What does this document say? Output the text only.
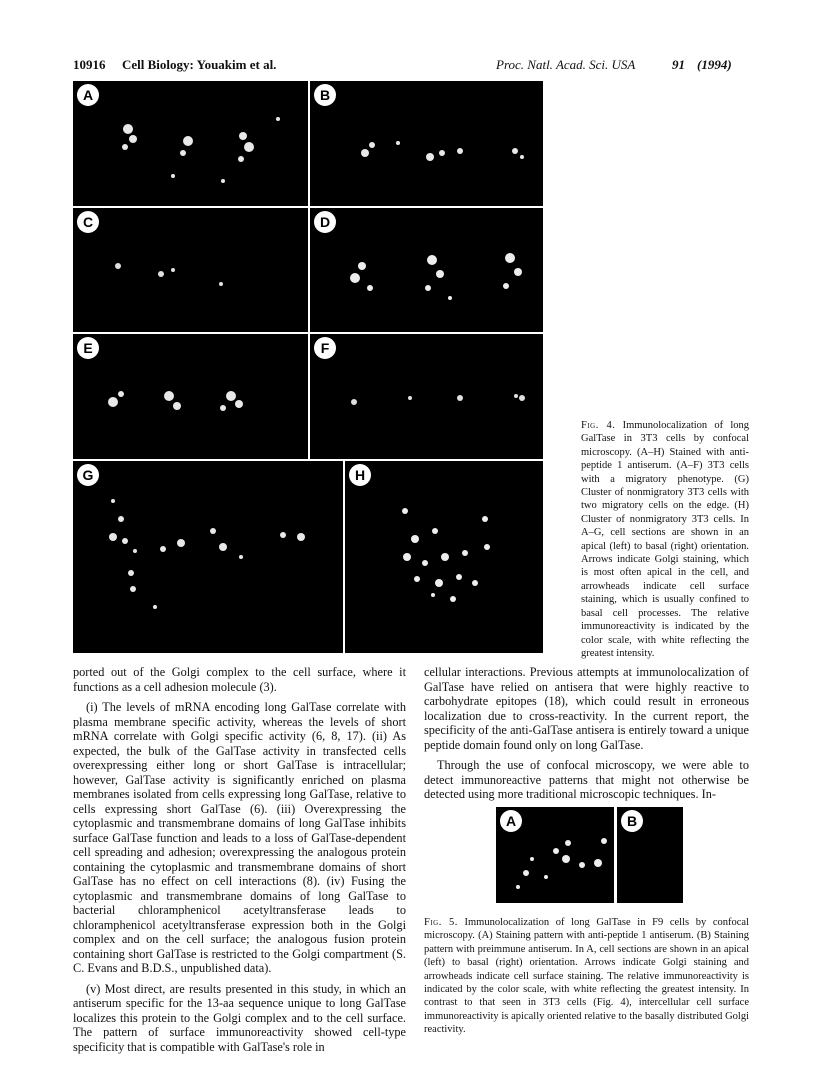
10916 Cell Biology: Youakim et al.	Proc. Natl. Acad. Sci. USA	91
(1994)
A	B
C	D
E	F
G	H
Fig. 4. Immunolocalization of long GalTase in 3T3 cells by confocal microscopy. (A–H) Stained with anti-peptide 1 antiserum. (A–F) 3T3 cells with a migratory phenotype. (G) Cluster of nonmigratory 3T3 cells with two migratory cells on the edge. (H) Cluster of nonmigratory 3T3 cells. In A–G, cell sections are shown in an apical (left) to basal (right) orientation. Arrows indicate Golgi staining, which is most often apical in the cell, and arrowheads indicate cell surface staining, which is usually confined to basal cell processes. The relative immunoreactivity is indicated by the color scale, with white reflecting the greatest intensity.

ported out of the Golgi complex to the cell surface, where it functions as a cell adhesion molecule (3).

(i) The levels of mRNA encoding long GalTase correlate with plasma membrane specific activity, whereas the levels of short mRNA correlate with Golgi specific activity (6, 8, 17). (ii) As expected, the bulk of the GalTase activity in transfected cells overexpressing either long or short GalTase is intracellular; however, GalTase activity is significantly enriched on plasma membranes isolated from cells expressing long GalTase, relative to cells expressing short GalTase (6). (iii) Overexpressing the cytoplasmic and transmembrane domains of long GalTase inhibits surface GalTase function and leads to a loss of GalTase-dependent cell spreading and adhesion; overexpressing the analogous protein containing the cytoplasmic and transmembrane domains of short GalTase has no effect on cell interactions (8). (iv) Fusing the cytoplasmic and transmembrane domains of long GalTase to bacterial chloramphenicol acetyltransferase leads to chloramphenicol acetyltransferase expression both in the Golgi complex and on the cell surface; the analogous fusion protein containing short GalTase is restricted to the Golgi compartment (S. C. Evans and B.D.S., unpublished data).

(v) Most direct, are results presented in this study, in which an antiserum specific for the 13-aa sequence unique to long GalTase localizes this protein to the Golgi complex and to the cell surface. The pattern of surface immunoreactivity showed cell-type specificity that is compatible with GalTase's role in

cellular interactions. Previous attempts at immunolocalization of GalTase have relied on antisera that were highly reactive to carbohydrate epitopes (18), which could result in erroneous localization due to cross-reactivity. In the current report, the specificity of the anti-GalTase antisera is entirely toward a unique peptide domain found only on long GalTase.

Through the use of confocal microscopy, we were able to detect immunoreactive patterns that might not otherwise be detected using more traditional microscopic techniques. In-

A	B
Fig. 5. Immunolocalization of long GalTase in F9 cells by confocal microscopy. (A) Staining pattern with anti-peptide 1 antiserum. (B) Staining pattern with preimmune antiserum. In A, cell sections are shown in an apical (left) to basal (right) orientation. Arrows indicate Golgi staining and arrowheads indicate cell surface staining. The relative immunoreactivity is indicated by the color scale, with white reflecting the greatest intensity. In contrast to that seen in 3T3 cells (Fig. 4), intercellular cell surface immunoreactivity is apically oriented relative to the basally distributed Golgi reactivity.
